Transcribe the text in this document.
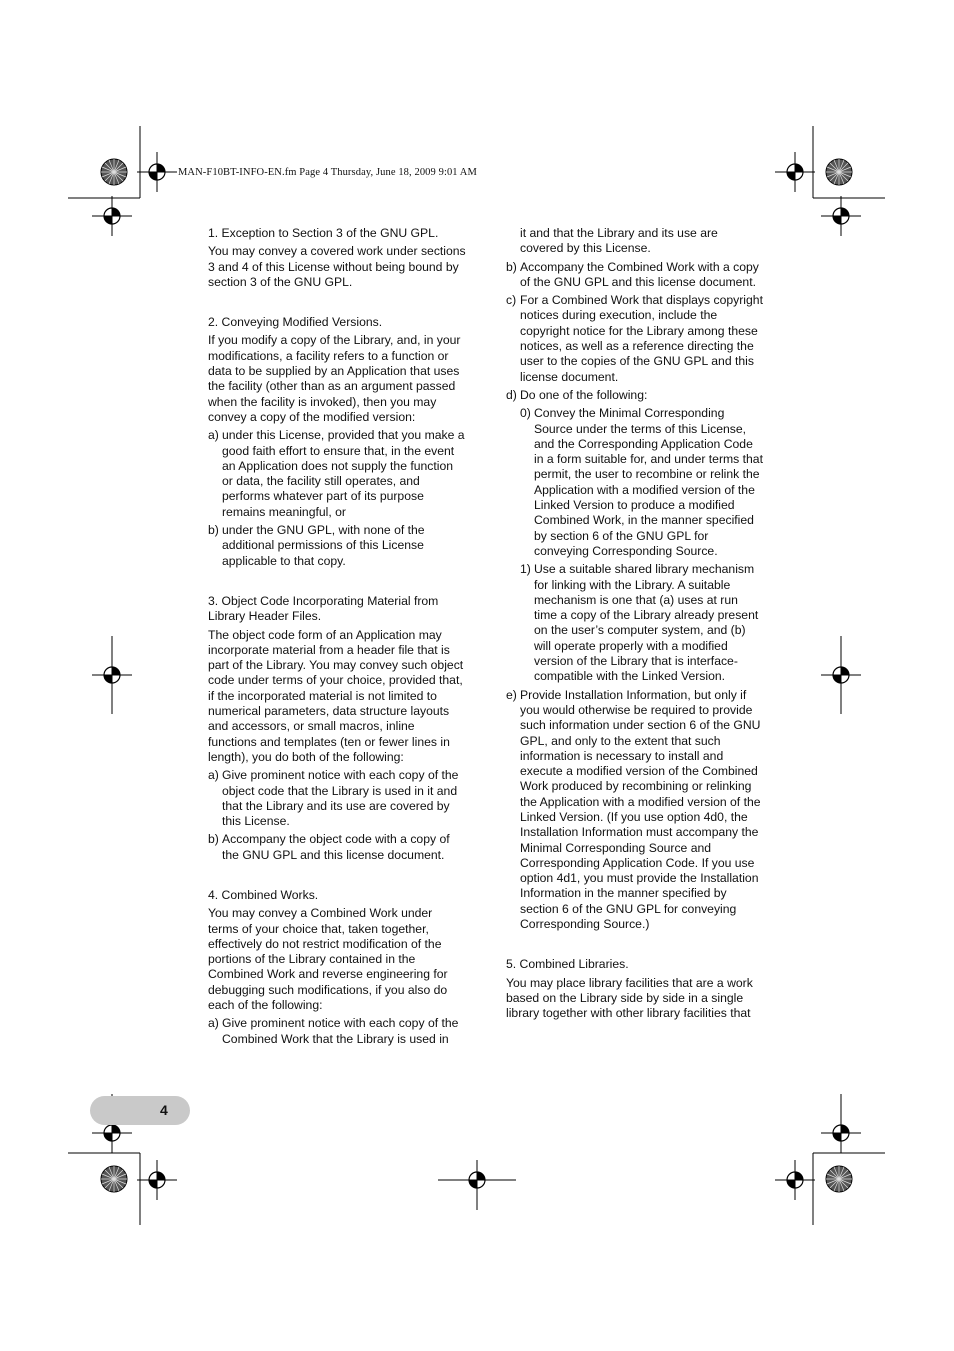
MAN-F10BT-INFO-EN.fm Page 4 Thursday, June 18, 2009 9:01 AM
1. Exception to Section 3 of the GNU GPL.

You may convey a covered work under sections 3 and 4 of this License without being bound by section 3 of the GNU GPL.

2. Conveying Modified Versions.

If you modify a copy of the Library, and, in your modifications, a facility refers to a function or data to be supplied by an Application that uses the facility (other than as an argument passed when the facility is invoked), then you may convey a copy of the modified version:

a) under this License, provided that you make a good faith effort to ensure that, in the event an Application does not supply the function or data, the facility still operates, and performs whatever part of its purpose remains meaningful, or
b) under the GNU GPL, with none of the additional permissions of this License applicable to that copy.
3. Object Code Incorporating Material from Library Header Files.

The object code form of an Application may incorporate material from a header file that is part of the Library. You may convey such object code under terms of your choice, provided that, if the incorporated material is not limited to numerical parameters, data structure layouts and accessors, or small macros, inline functions and templates (ten or fewer lines in length), you do both of the following:

a) Give prominent notice with each copy of the object code that the Library is used in it and that the Library and its use are covered by this License.
b) Accompany the object code with a copy of the GNU GPL and this license document.
4. Combined Works.

You may convey a Combined Work under terms of your choice that, taken together, effectively do not restrict modification of the portions of the Library contained in the Combined Work and reverse engineering for debugging such modifications, if you also do each of the following:

a) Give prominent notice with each copy of the Combined Work that the Library is used in
it and that the Library and its use are covered by this License.
b) Accompany the Combined Work with a copy of the GNU GPL and this license document.
c) For a Combined Work that displays copyright notices during execution, include the copyright notice for the Library among these notices, as well as a reference directing the user to the copies of the GNU GPL and this license document.
d) Do one of the following:
0) Convey the Minimal Corresponding Source under the terms of this License, and the Corresponding Application Code in a form suitable for, and under terms that permit, the user to recombine or relink the Application with a modified version of the Linked Version to produce a modified Combined Work, in the manner specified by section 6 of the GNU GPL for conveying Corresponding Source.
1) Use a suitable shared library mechanism for linking with the Library. A suitable mechanism is one that (a) uses at run time a copy of the Library already present on the user’s computer system, and (b) will operate properly with a modified version of the Library that is interface-compatible with the Linked Version.
e) Provide Installation Information, but only if you would otherwise be required to provide such information under section 6 of the GNU GPL, and only to the extent that such information is necessary to install and execute a modified version of the Combined Work produced by recombining or relinking the Application with a modified version of the Linked Version. (If you use option 4d0, the Installation Information must accompany the Minimal Corresponding Source and Corresponding Application Code. If you use option 4d1, you must provide the Installation Information in the manner specified by section 6 of the GNU GPL for conveying Corresponding Source.)
5. Combined Libraries.

You may place library facilities that are a work based on the Library side by side in a single library together with other library facilities that

4
